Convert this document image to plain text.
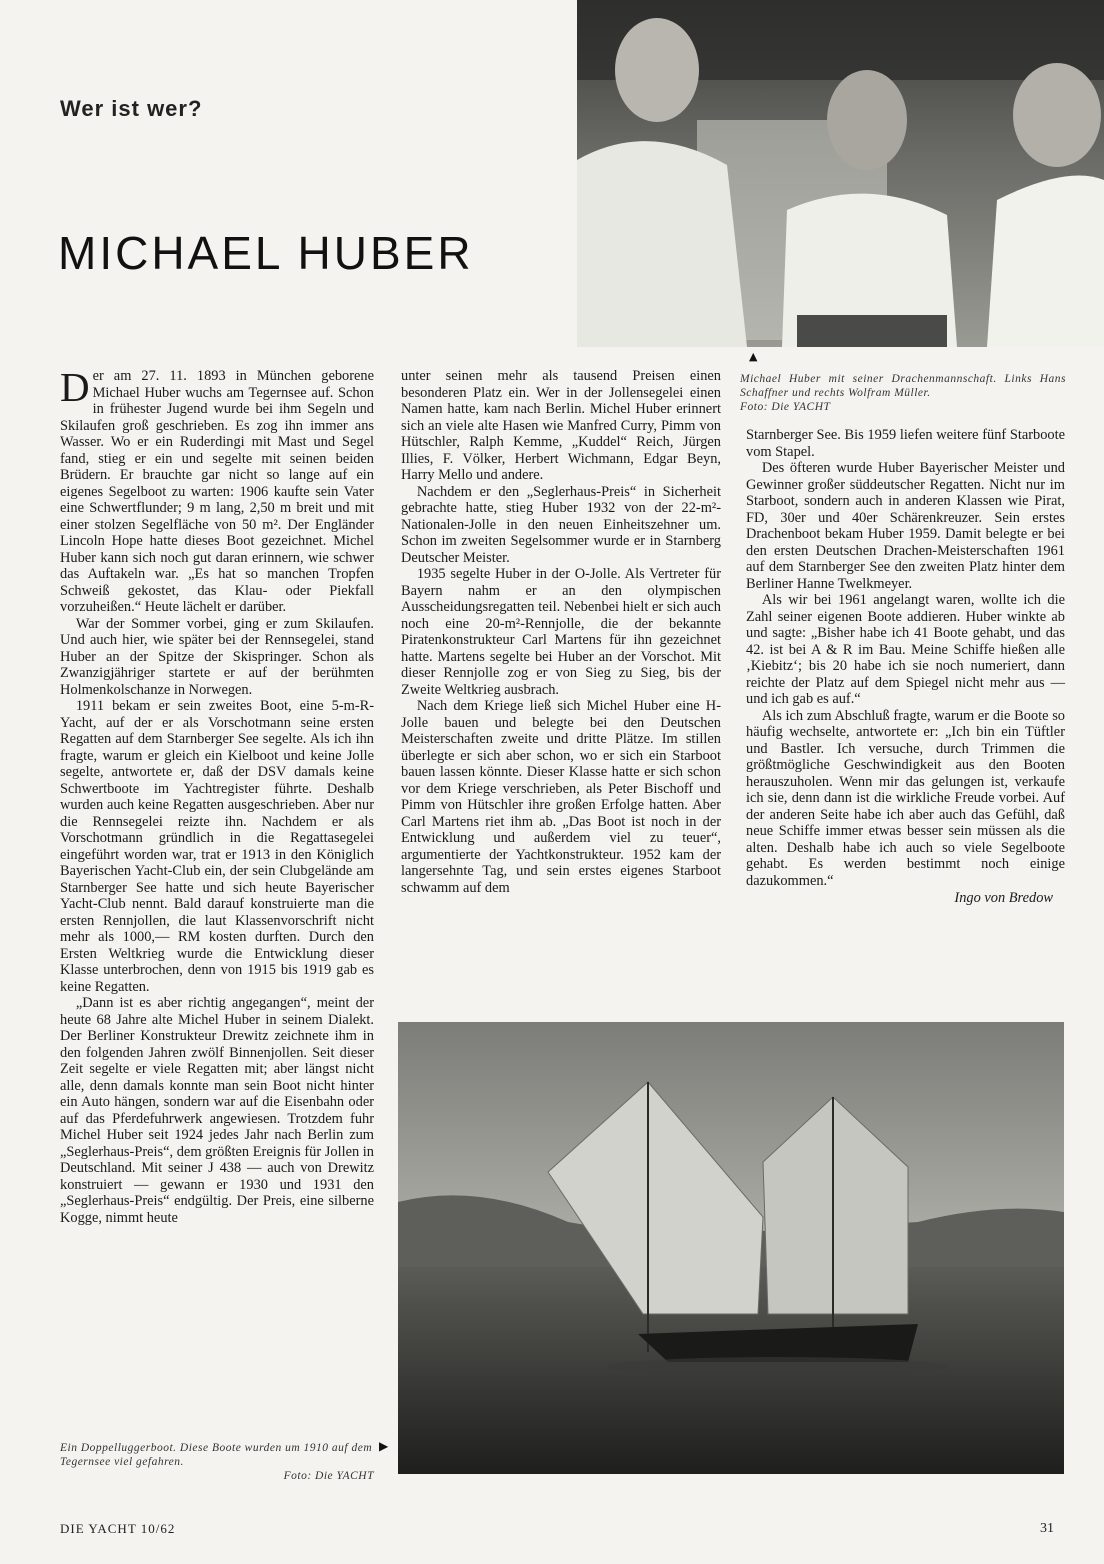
Wer ist wer?
MICHAEL HUBER
▲
Michael Huber mit seiner Drachenmannschaft. Links Hans Schaffner und rechts Wolfram Müller.
Foto: Die YACHT

Der am 27. 11. 1893 in München geborene Michael Huber wuchs am Tegernsee auf. Schon in frühester Jugend wurde bei ihm Segeln und Skilaufen groß geschrieben. Es zog ihn immer ans Wasser. Wo er ein Ruderdingi mit Mast und Segel fand, stieg er ein und segelte mit seinen beiden Brüdern. Er brauchte gar nicht so lange auf ein eigenes Segelboot zu warten: 1906 kaufte sein Vater eine Schwertflunder; 9 m lang, 2,50 m breit und mit einer stolzen Segelfläche von 50 m². Der Engländer Lincoln Hope hatte dieses Boot gezeichnet. Michel Huber kann sich noch gut daran erinnern, wie schwer das Auftakeln war. „Es hat so manchen Tropfen Schweiß gekostet, das Klau- oder Piekfall vorzuheißen.“ Heute lächelt er darüber.

War der Sommer vorbei, ging er zum Skilaufen. Und auch hier, wie später bei der Rennsegelei, stand Huber an der Spitze der Skispringer. Schon als Zwanzigjähriger startete er auf der berühmten Holmenkolschanze in Norwegen.

1911 bekam er sein zweites Boot, eine 5-m-R-Yacht, auf der er als Vorschotmann seine ersten Regatten auf dem Starnberger See segelte. Als ich ihn fragte, warum er gleich ein Kielboot und keine Jolle segelte, antwortete er, daß der DSV damals keine Schwertboote im Yachtregister führte. Deshalb wurden auch keine Regatten ausgeschrieben. Aber nur die Rennsegelei reizte ihn. Nachdem er als Vorschotmann gründlich in die Regattasegelei eingeführt worden war, trat er 1913 in den Königlich Bayerischen Yacht-Club ein, der sein Clubgelände am Starnberger See hatte und sich heute Bayerischer Yacht-Club nennt. Bald darauf konstruierte man die ersten Rennjollen, die laut Klassenvorschrift nicht mehr als 1000,— RM kosten durften. Durch den Ersten Weltkrieg wurde die Entwicklung dieser Klasse unterbrochen, denn von 1915 bis 1919 gab es keine Regatten.

„Dann ist es aber richtig angegangen“, meint der heute 68 Jahre alte Michel Huber in seinem Dialekt. Der Berliner Konstrukteur Drewitz zeichnete ihm in den folgenden Jahren zwölf Binnenjollen. Seit dieser Zeit segelte er viele Regatten mit; aber längst nicht alle, denn damals konnte man sein Boot nicht hinter ein Auto hängen, sondern war auf die Eisenbahn oder auf das Pferdefuhrwerk angewiesen. Trotzdem fuhr Michel Huber seit 1924 jedes Jahr nach Berlin zum „Seglerhaus-Preis“, dem größten Ereignis für Jollen in Deutschland. Mit seiner J 438 — auch von Drewitz konstruiert — gewann er 1930 und 1931 den „Seglerhaus-Preis“ endgültig. Der Preis, eine silberne Kogge, nimmt heute

unter seinen mehr als tausend Preisen einen besonderen Platz ein. Wer in der Jollensegelei einen Namen hatte, kam nach Berlin. Michel Huber erinnert sich an viele alte Hasen wie Manfred Curry, Pimm von Hütschler, Ralph Kemme, „Kuddel“ Reich, Jürgen Illies, F. Völker, Herbert Wichmann, Edgar Beyn, Harry Mello und andere.

Nachdem er den „Seglerhaus-Preis“ in Sicherheit gebrachte hatte, stieg Huber 1932 von der 22-m²-Nationalen-Jolle in den neuen Einheitszehner um. Schon im zweiten Segelsommer wurde er in Starnberg Deutscher Meister.

1935 segelte Huber in der O-Jolle. Als Vertreter für Bayern nahm er an den olympischen Ausscheidungsregatten teil. Nebenbei hielt er sich auch noch eine 20-m²-Rennjolle, die der bekannte Piratenkonstrukteur Carl Martens für ihn gezeichnet hatte. Martens segelte bei Huber an der Vorschot. Mit dieser Rennjolle zog er von Sieg zu Sieg, bis der Zweite Weltkrieg ausbrach.

Nach dem Kriege ließ sich Michel Huber eine H-Jolle bauen und belegte bei den Deutschen Meisterschaften zweite und dritte Plätze. Im stillen überlegte er sich aber schon, wo er sich ein Starboot bauen lassen könnte. Dieser Klasse hatte er sich schon vor dem Kriege verschrieben, als Peter Bischoff und Pimm von Hütschler ihre großen Erfolge hatten. Aber Carl Martens riet ihm ab. „Das Boot ist noch in der Entwicklung und außerdem viel zu teuer“, argumentierte der Yachtkonstrukteur. 1952 kam der langersehnte Tag, und sein erstes eigenes Starboot schwamm auf dem

Starnberger See. Bis 1959 liefen weitere fünf Starboote vom Stapel.

Des öfteren wurde Huber Bayerischer Meister und Gewinner großer süddeutscher Regatten. Nicht nur im Starboot, sondern auch in anderen Klassen wie Pirat, FD, 30er und 40er Schärenkreuzer. Sein erstes Drachenboot bekam Huber 1959. Damit belegte er bei den ersten Deutschen Drachen-Meisterschaften 1961 auf dem Starnberger See den zweiten Platz hinter dem Berliner Hanne Twelkmeyer.

Als wir bei 1961 angelangt waren, wollte ich die Zahl seiner eigenen Boote addieren. Huber winkte ab und sagte: „Bisher habe ich 41 Boote gehabt, und das 42. ist bei A & R im Bau. Meine Schiffe hießen alle ‚Kiebitz‘; bis 20 habe ich sie noch numeriert, dann reichte der Platz auf dem Spiegel nicht mehr aus — und ich gab es auf.“

Als ich zum Abschluß fragte, warum er die Boote so häufig wechselte, antwortete er: „Ich bin ein Tüftler und Bastler. Ich versuche, durch Trimmen die größtmögliche Geschwindigkeit aus den Booten herauszuholen. Wenn mir das gelungen ist, verkaufe ich sie, denn dann ist die wirkliche Freude vorbei. Auf der anderen Seite habe ich aber auch das Gefühl, daß neue Schiffe immer etwas besser sein müssen als die alten. Deshalb habe ich auch so viele Segelboote gehabt. Es werden bestimmt noch einige dazukommen.“

Ingo von Bredow
Ein Doppelluggerboot. Diese Boote wurden um 1910 auf dem Tegernsee viel gefahren.
Foto: Die YACHT
▶
DIE YACHT 10/62	31
